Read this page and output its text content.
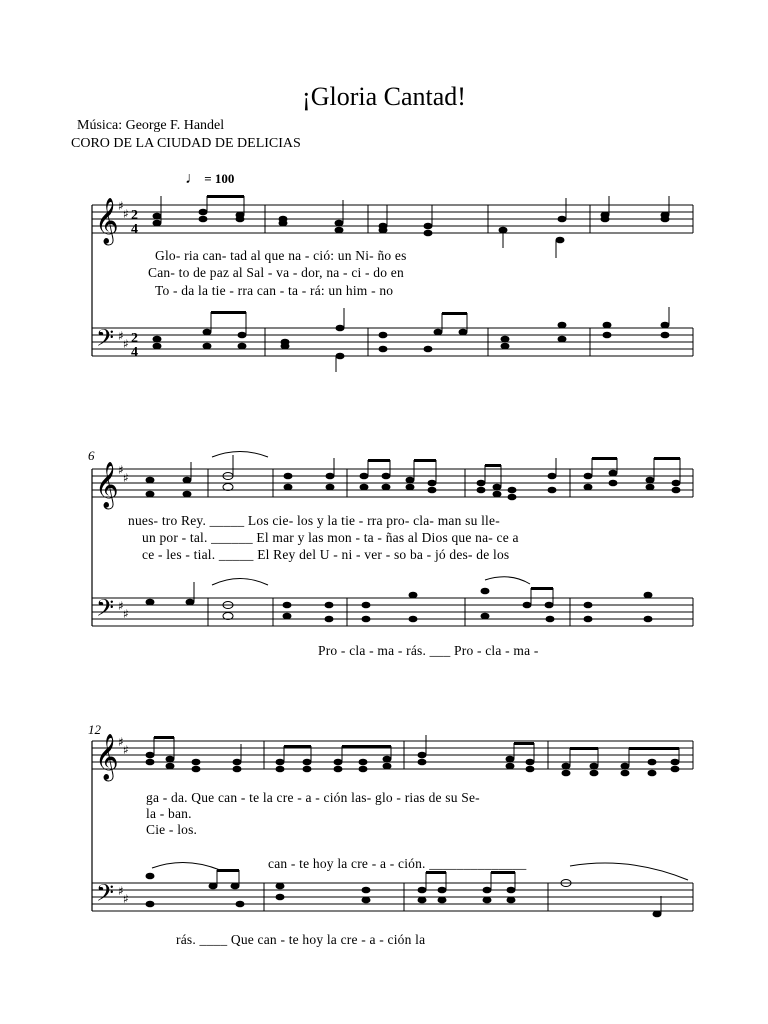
¡Gloria Cantad!
Música: George F. Handel
CORO DE LA CIUDAD DE DELICIAS
♩ = 100
6
12
Glo- ria can- tad al que na - ció: un Ni- ño es
Can- to de paz al Sal - va - dor, na - ci - do en
To - da la tie - rra can - ta - rá: un him - no
nues- tro Rey. _____ Los cie- los y la tie - rra pro- cla- man su lle-
un por - tal. ______ El mar y las mon - ta - ñas al Dios que na- ce a
ce - les - tial. _____ El Rey del U - ni - ver - so ba - jó des- de los
Pro - cla - ma - rás. ___ Pro - cla - ma -
ga - da. Que can - te la cre - a - ción las- glo - rias de su Se-
la - ban.
Cie - los.
can - te hoy la cre - a - ción. ______________
rás. ____ Que can - te hoy la cre - a - ción la
𝄞
𝄢
♯
♯
♯
♯
2
4
2
4
𝄞
𝄢
♯
♯
♯
♯
𝄞
𝄢
♯
♯
♯
♯
